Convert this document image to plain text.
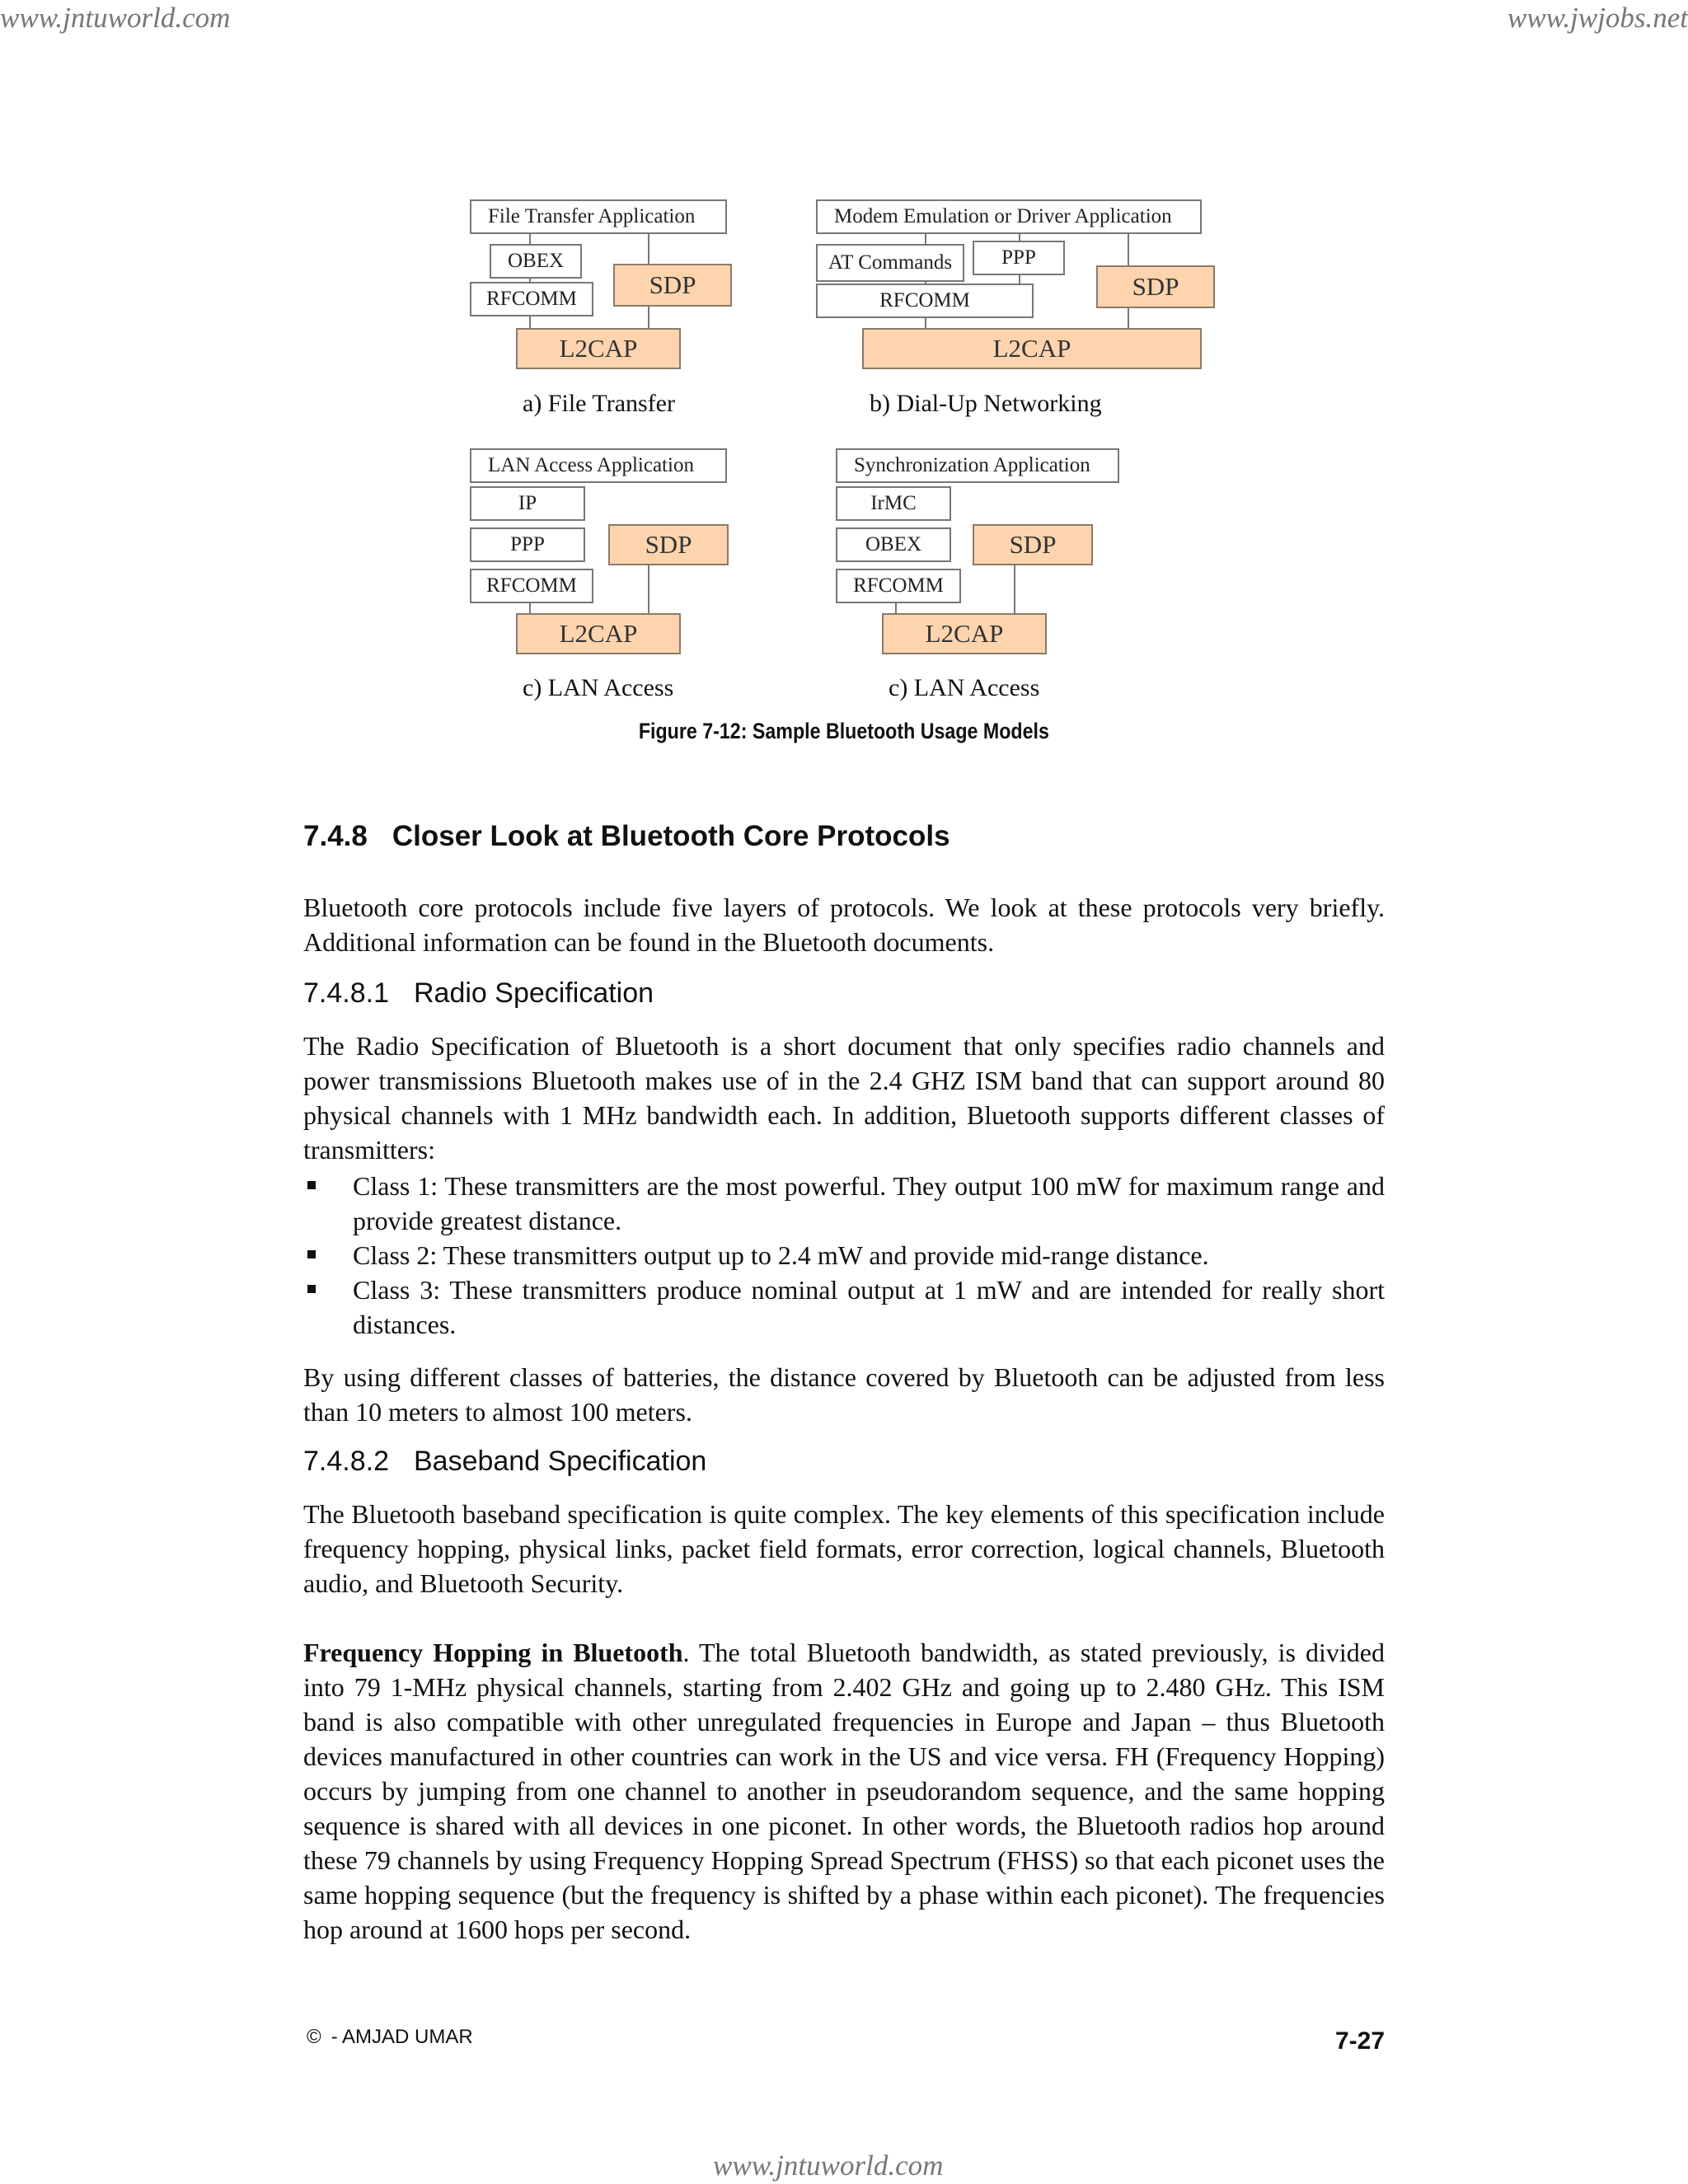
www.jntuworld.com	www.jwjobs.net
www.jntuworld.com
File Transfer Application
OBEX
RFCOMM	SDP
L2CAP
a) File Transfer
Modem Emulation or Driver Application
AT Commands	PPP
RFCOMM	SDP
L2CAP
b) Dial-Up Networking
LAN Access Application
IP
PPP
RFCOMM
SDP
L2CAP
c) LAN Access
Synchronization Application
IrMC
OBEX
RFCOMM
SDP
L2CAP
c) LAN Access
Figure 7-12: Sample Bluetooth Usage Models
7.4.8 Closer Look at Bluetooth Core Protocols

Bluetooth core protocols include five layers of protocols. We look at these protocols very briefly. Additional information can be found in the Bluetooth documents.

7.4.8.1 Radio Specification

The Radio Specification of Bluetooth is a short document that only specifies radio channels and power transmissions Bluetooth makes use of in the 2.4 GHZ ISM band that can support around 80 physical channels with 1 MHz bandwidth each. In addition, Bluetooth supports different classes of transmitters:

Class 1: These transmitters are the most powerful. They output 100 mW for maximum range and provide greatest distance.
Class 2: These transmitters output up to 2.4 mW and provide mid-range distance.
Class 3: These transmitters produce nominal output at 1 mW and are intended for really short distances.

By using different classes of batteries, the distance covered by Bluetooth can be adjusted from less than 10 meters to almost 100 meters.

7.4.8.2 Baseband Specification

The Bluetooth baseband specification is quite complex. The key elements of this specification include frequency hopping, physical links, packet field formats, error correction, logical channels, Bluetooth audio, and Bluetooth Security.

Frequency Hopping in Bluetooth. The total Bluetooth bandwidth, as stated previously, is divided into 79 1-MHz physical channels, starting from 2.402 GHz and going up to 2.480 GHz. This ISM band is also compatible with other unregulated frequencies in Europe and Japan – thus Bluetooth devices manufactured in other countries can work in the US and vice versa. FH (Frequency Hopping) occurs by jumping from one channel to another in pseudorandom sequence, and the same hopping sequence is shared with all devices in one piconet. In other words, the Bluetooth radios hop around these 79 channels by using Frequency Hopping Spread Spectrum (FHSS) so that each piconet uses the same hopping sequence (but the frequency is shifted by a phase within each piconet). The frequencies hop around at 1600 hops per second.

© - AMJAD UMAR	7-27
